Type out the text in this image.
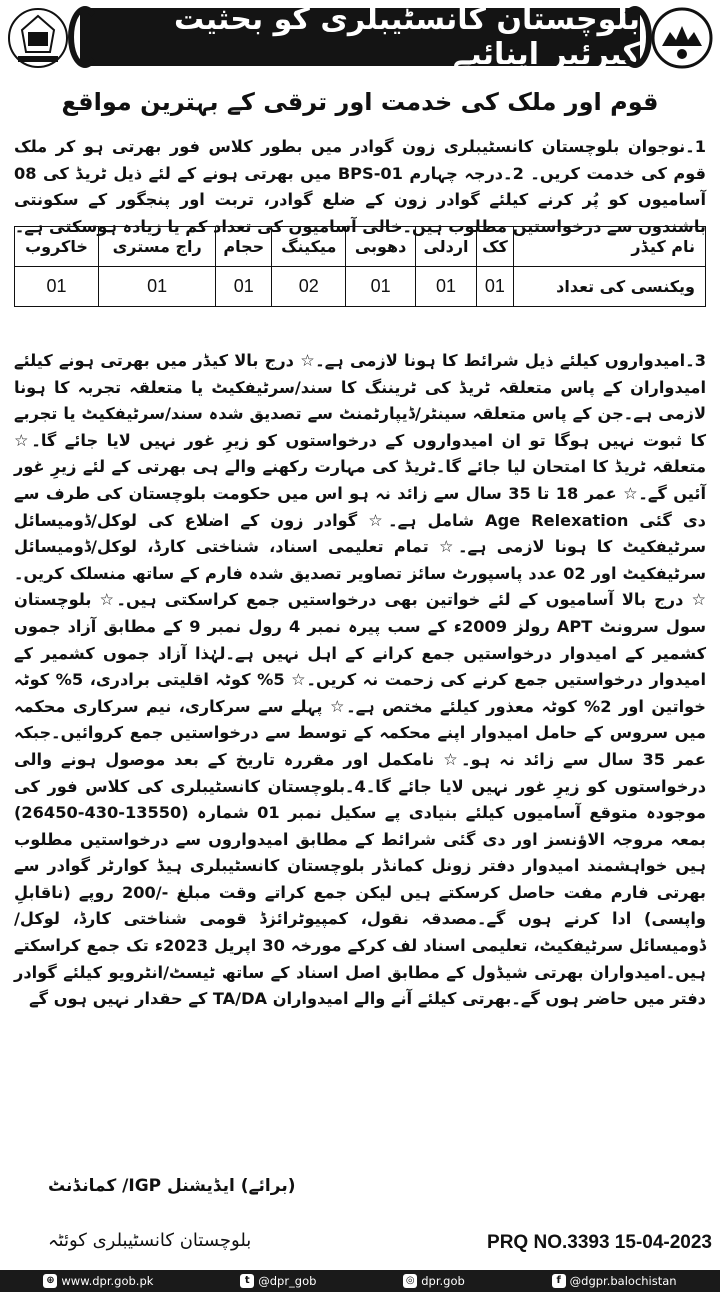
بلوچستان کانسٹیبلری کو بحثیت کیرئیر اپنائیے
قوم اور ملک کی خدمت اور ترقی کے بہترین مواقع
1۔نوجوان بلوچستان کانسٹیبلری زون گوادر میں بطور کلاس فور بھرتی ہو کر ملک قوم کی خدمت کریں۔ 2۔درجہ چہارم BPS-01 میں بھرتی ہونے کے لئے ذیل ٹریڈ کی 08 آسامیوں کو پُر کرنے کیلئے گوادر زون کے ضلع گوادر، تربت اور پنجگور کے سکونتی باشندوں سے درخواستیں مطلوب ہیں۔خالی آسامیوں کی تعداد کم یا زیادہ ہوسکتی ہے۔
نام کیڈر	کک	اردلی	دھوبی	میکینگ	حجام	راج مستری	خاکروب
ویکنسی کی تعداد	01	01	01	02	01	01	01
3۔امیدواروں کیلئے ذیل شرائط کا ہونا لازمی ہے۔☆ درج بالا کیڈر میں بھرتی ہونے کیلئے امیدواران کے پاس متعلقہ ٹریڈ کی ٹریننگ کا سند/سرٹیفکیٹ یا متعلقہ تجربہ کا ہونا لازمی ہے۔جن کے پاس متعلقہ سینٹر/ڈیپارٹمنٹ سے تصدیق شدہ سند/سرٹیفکیٹ یا تجربے کا ثبوت نہیں ہوگا تو ان امیدواروں کے درخواستوں کو زیرِ غور نہیں لایا جائے گا۔☆ متعلقہ ٹریڈ کا امتحان لیا جائے گا۔ٹریڈ کی مہارت رکھنے والے ہی بھرتی کے لئے زیرِ غور آئیں گے۔☆ عمر 18 تا 35 سال سے زائد نہ ہو اس میں حکومت بلوچستان کی طرف سے دی گئی Age Relexation شامل ہے۔☆ گوادر زون کے اضلاع کی لوکل/ڈومیسائل سرٹیفکیٹ کا ہونا لازمی ہے۔☆ تمام تعلیمی اسناد، شناختی کارڈ، لوکل/ڈومیسائل سرٹیفکیٹ اور 02 عدد پاسپورٹ سائز تصاویر تصدیق شدہ فارم کے ساتھ منسلک کریں۔☆ درج بالا آسامیوں کے لئے خواتین بھی درخواستیں جمع کراسکتی ہیں۔☆ بلوچستان سول سرونٹ APT رولز 2009ء کے سب پیرہ نمبر 4 رول نمبر 9 کے مطابق آزاد جموں کشمیر کے امیدوار درخواستیں جمع کرانے کے اہل نہیں ہے۔لہٰذا آزاد جموں کشمیر کے امیدوار درخواستیں جمع کرنے کی زحمت نہ کریں۔☆ 5% کوٹہ اقلیتی برادری، 5% کوٹہ خواتین اور 2% کوٹہ معذور کیلئے مختص ہے۔☆ پہلے سے سرکاری، نیم سرکاری محکمہ میں سروس کے حامل امیدوار اپنے محکمہ کے توسط سے درخواستیں جمع کروائیں۔جبکہ عمر 35 سال سے زائد نہ ہو۔☆ نامکمل اور مقررہ تاریخ کے بعد موصول ہونے والی درخواستوں کو زیرِ غور نہیں لایا جائے گا۔4۔بلوچستان کانسٹیبلری کی کلاس فور کی موجودہ متوقع آسامیوں کیلئے بنیادی پے سکیل نمبر 01 شمارہ (13550-430-26450) بمعہ مروجہ الاؤنسز اور دی گئی شرائط کے مطابق امیدواروں سے درخواستیں مطلوب ہیں خواہشمند امیدوار دفتر زونل کمانڈر بلوچستان کانسٹیبلری ہیڈ کوارٹر گوادر سے بھرتی فارم مفت حاصل کرسکتے ہیں لیکن جمع کراتے وقت مبلغ -/200 روپے (ناقابلِ واپسی) ادا کرنے ہوں گے۔مصدقہ نقول، کمپیوٹرائزڈ قومی شناختی کارڈ، لوکل/ڈومیسائل سرٹیفکیٹ، تعلیمی اسناد لف کرکے مورخہ 30 اپریل 2023ء تک جمع کراسکتے ہیں۔امیدواران بھرتی شیڈول کے مطابق اصل اسناد کے ساتھ ٹیسٹ/انٹرویو کیلئے گوادر دفتر میں حاضر ہوں گے۔بھرتی کیلئے آنے والے امیدواران TA/DA کے حقدار نہیں ہوں گے
(برائے) ایڈیشنل IGP/ کمانڈنٹ
بلوچستان کانسٹیبلری کوئٹہ	PRQ NO.3393 15-04-2023
⊕ www.dpr.gob.pk	t @dpr_gob	◎ dpr.gob	f @dgpr.balochistan
